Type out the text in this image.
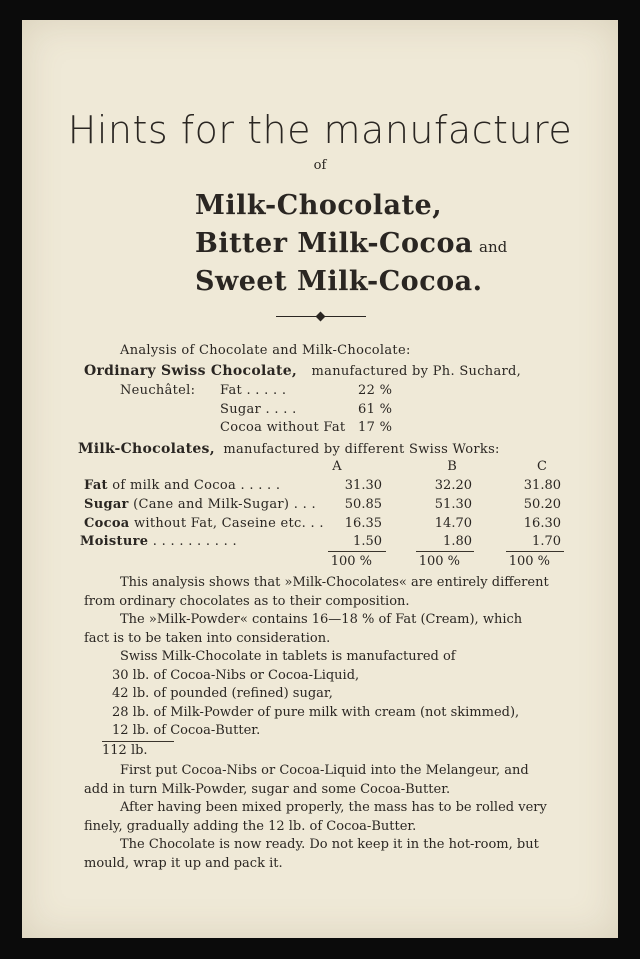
Hints for the manufacture
of
Milk-Chocolate,
Bitter Milk-Cocoa and
Sweet Milk-Cocoa.
Analysis of Chocolate and Milk-Chocolate:
Ordinary Swiss Chocolate, manufactured by Ph. Suchard,
Neuchâtel: Fat . . . . .	22 %
Sugar . . . .	61 %
Cocoa without Fat 17 %
Milk-Chocolates, manufactured by different Swiss Works:
A	B	C
Fat of milk and Cocoa . . . . .	31.30	32.20	31.80
Sugar (Cane and Milk-Sugar) . . .	50.85	51.30	50.20
Cocoa without Fat, Caseine etc. . .	16.35	14.70	16.30
Moisture . . . . . . . . . .	1.50	1.80	1.70
100 %	100 %	100 %
This analysis shows that »Milk-Chocolates« are entirely different
from ordinary chocolates as to their composition.
The »Milk-Powder« contains 16—18 % of Fat (Cream), which
fact is to be taken into consideration.
Swiss Milk-Chocolate in tablets is manufactured of
30 lb. of Cocoa-Nibs or Cocoa-Liquid,
42 lb. of pounded (refined) sugar,
28 lb. of Milk-Powder of pure milk with cream (not skimmed),
12 lb. of Cocoa-Butter.
112 lb.
First put Cocoa-Nibs or Cocoa-Liquid into the Melangeur, and
add in turn Milk-Powder, sugar and some Cocoa-Butter.
After having been mixed properly, the mass has to be rolled very
finely, gradually adding the 12 lb. of Cocoa-Butter.
The Chocolate is now ready. Do not keep it in the hot-room, but
mould, wrap it up and pack it.
